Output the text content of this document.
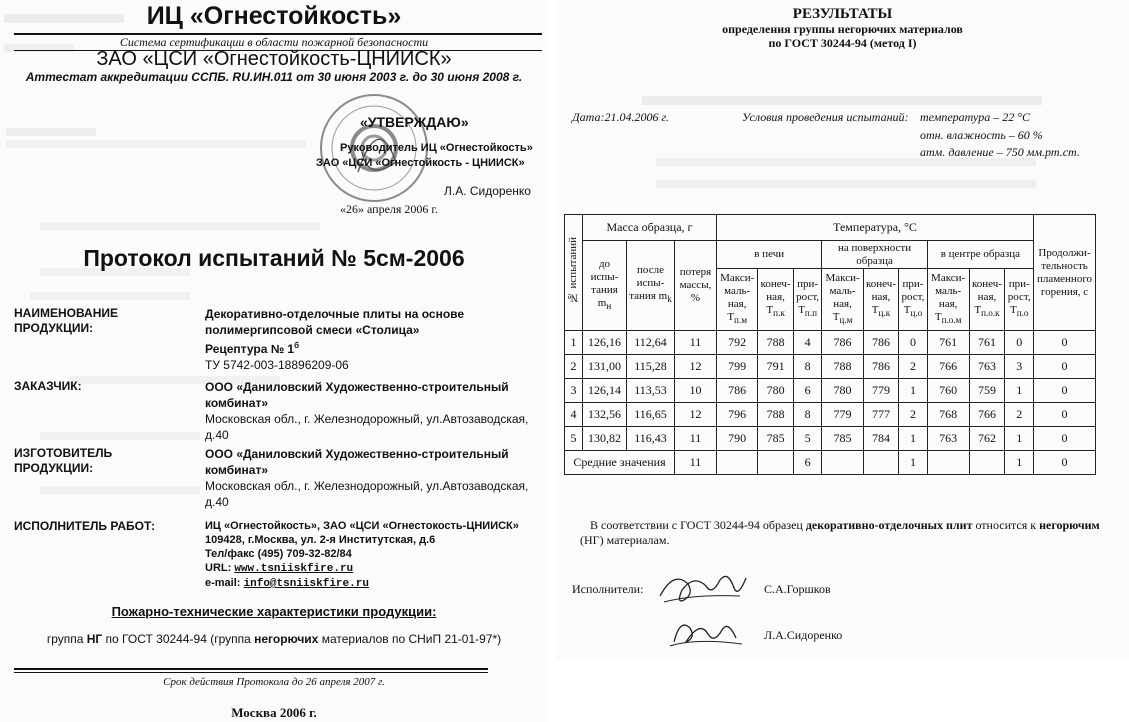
ИЦ «Огнестойкость»
Система сертификации в области пожарной безопасности
ЗАО «ЦСИ «Огнестойкость-ЦНИИСК»
Аттестат аккредитации ССПБ. RU.ИН.011 от 30 июня 2003 г. до 30 июня 2008 г.
«УТВЕРЖДАЮ»
Руководитель ИЦ «Огнестойкость»
ЗАО «ЦСИ «Огнестойкость - ЦНИИСК»
Л.А. Сидоренко
«26» апреля 2006 г.
Протокол испытаний № 5см-2006
НАИМЕНОВАНИЕ ПРОДУКЦИИ:
Декоративно-отделочные плиты на основе полимергипсовой смеси «Столица»
Рецептура № $1^б$
ТУ 5742-003-18896209-06
ЗАКАЗЧИК:	ООО «Даниловский Художественно-строительный комбинат»
Московская обл., г. Железнодорожный, ул.Автозаводская, д.40
ИЗГОТОВИТЕЛЬ ПРОДУКЦИИ:
ООО «Даниловский Художественно-строительный комбинат»
Московская обл., г. Железнодорожный, ул.Автозаводская, д.40
ИСПОЛНИТЕЛЬ РАБОТ:	ИЦ «Огнестойкость», ЗАО «ЦСИ «Огнестокость-ЦНИИСК»
109428, г.Москва, ул. 2-я Институтская, д.6
Тел/факс (495) 709-32-82/84
URL: www.tsniiskfire.ru
e-mail: info@tsniiskfire.ru
Пожарно-технические характеристики продукции:
группа НГ по ГОСТ 30244-94 (группа негорючих материалов по СНиП 21-01-97*)
Срок действия Протокола до 26 апреля 2007 г.
Москва 2006 г.
РЕЗУЛЬТАТЫ
определения группы негорючих материалов
по ГОСТ 30244-94 (метод I)
Дата:21.04.2006 г.	Условия проведения испытаний: температура – 22 °С
отн. влажность – 60 %
атм. давление – 750 мм.рт.ст.
№ испытаний	Масса образца, г			Температура, °С									Продолжи-тельность пламенного горения, с
	до испы-тания $m_н$	после испы-тания $m_k$	потеря массы, %	в печи			на поверхности образца			в центре образца			
				Макси-маль-ная, $T_{п.м}$	конеч-ная, $T_{п.к}$	при-рост, $T_{п.п}$	Макси-маль-ная, $T_{ц.м}$	конеч-ная, $T_{ц.к}$	при-рост, $T_{ц.о}$	Макси-маль-ная, $T_{п.о.м}$	конеч-ная, $T_{п.о.к}$	при-рост, $T_{п.о}$
1	126,16	112,64	11	792	788	4	786	786	0	761	761	0	0
2	131,00	115,28	12	799	791	8	788	786	2	766	763	3	0
3	126,14	113,53	10	786	780	6	780	779	1	760	759	1	0
4	132,56	116,65	12	796	788	8	779	777	2	768	766	2	0
5	130,82	116,43	11	790	785	5	785	784	1	763	762	1	0
Средние значения			11			6			1			1	0
В соответствии с ГОСТ 30244-94 образец декоративно-отделочных плит относится к негорючим (НГ) материалам.
Исполнители:	С.А.Горшков
Л.А.Сидоренко
